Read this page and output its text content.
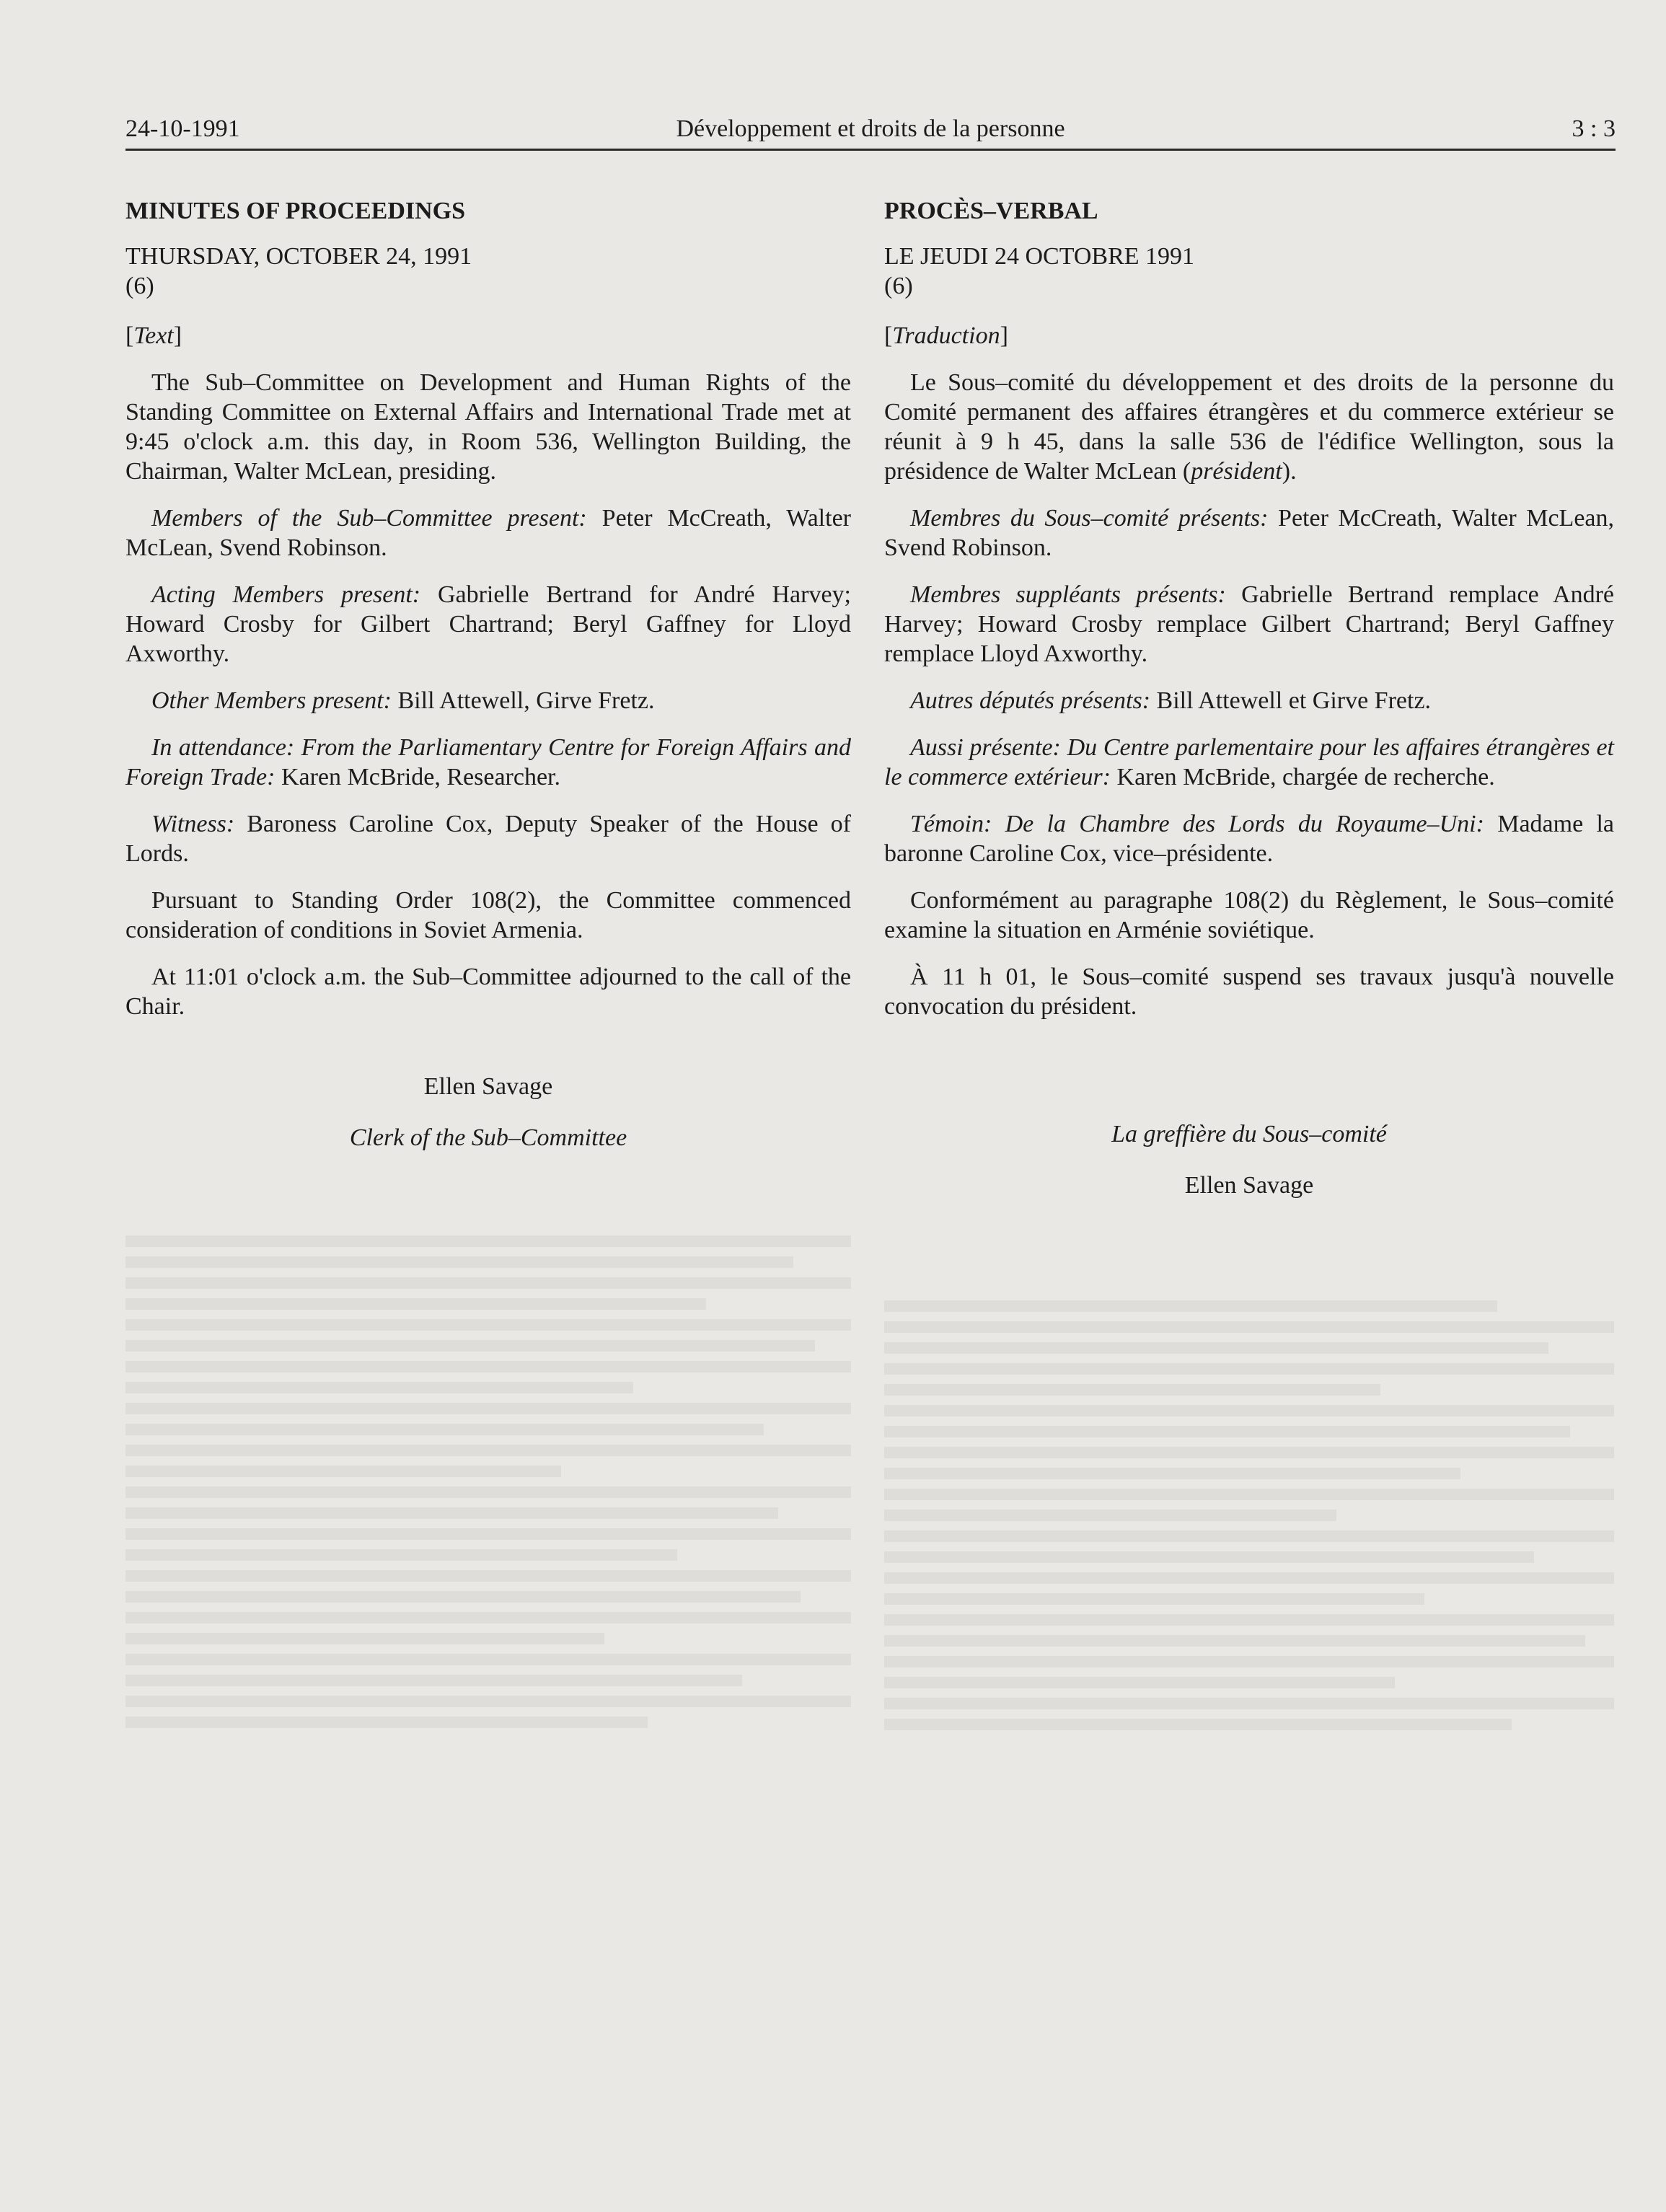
24-10-1991	Développement et droits de la personne	3 : 3

MINUTES OF PROCEEDINGS

THURSDAY, OCTOBER 24, 1991

(6)

[Text]

The Sub–Committee on Development and Human Rights of the Standing Committee on External Affairs and International Trade met at 9:45 o'clock a.m. this day, in Room 536, Wellington Building, the Chairman, Walter McLean, presiding.

Members of the Sub–Committee present: Peter McCreath, Walter McLean, Svend Robinson.

Acting Members present: Gabrielle Bertrand for André Harvey; Howard Crosby for Gilbert Chartrand; Beryl Gaffney for Lloyd Axworthy.

Other Members present: Bill Attewell, Girve Fretz.

In attendance: From the Parliamentary Centre for Foreign Affairs and Foreign Trade: Karen McBride, Researcher.

Witness: Baroness Caroline Cox, Deputy Speaker of the House of Lords.

Pursuant to Standing Order 108(2), the Committee commenced consideration of conditions in Soviet Armenia.

At 11:01 o'clock a.m. the Sub–Committee adjourned to the call of the Chair.

Ellen Savage

Clerk of the Sub–Committee

PROCÈS–VERBAL

LE JEUDI 24 OCTOBRE 1991

(6)

[Traduction]

Le Sous–comité du développement et des droits de la personne du Comité permanent des affaires étrangères et du commerce extérieur se réunit à 9 h 45, dans la salle 536 de l'édifice Wellington, sous la présidence de Walter McLean (président).

Membres du Sous–comité présents: Peter McCreath, Walter McLean, Svend Robinson.

Membres suppléants présents: Gabrielle Bertrand remplace André Harvey; Howard Crosby remplace Gilbert Chartrand; Beryl Gaffney remplace Lloyd Axworthy.

Autres députés présents: Bill Attewell et Girve Fretz.

Aussi présente: Du Centre parlementaire pour les affaires étrangères et le commerce extérieur: Karen McBride, chargée de recherche.

Témoin: De la Chambre des Lords du Royaume–Uni: Madame la baronne Caroline Cox, vice–présidente.

Conformément au paragraphe 108(2) du Règlement, le Sous–comité examine la situation en Arménie soviétique.

À 11 h 01, le Sous–comité suspend ses travaux jusqu'à nouvelle convocation du président.

La greffière du Sous–comité

Ellen Savage
